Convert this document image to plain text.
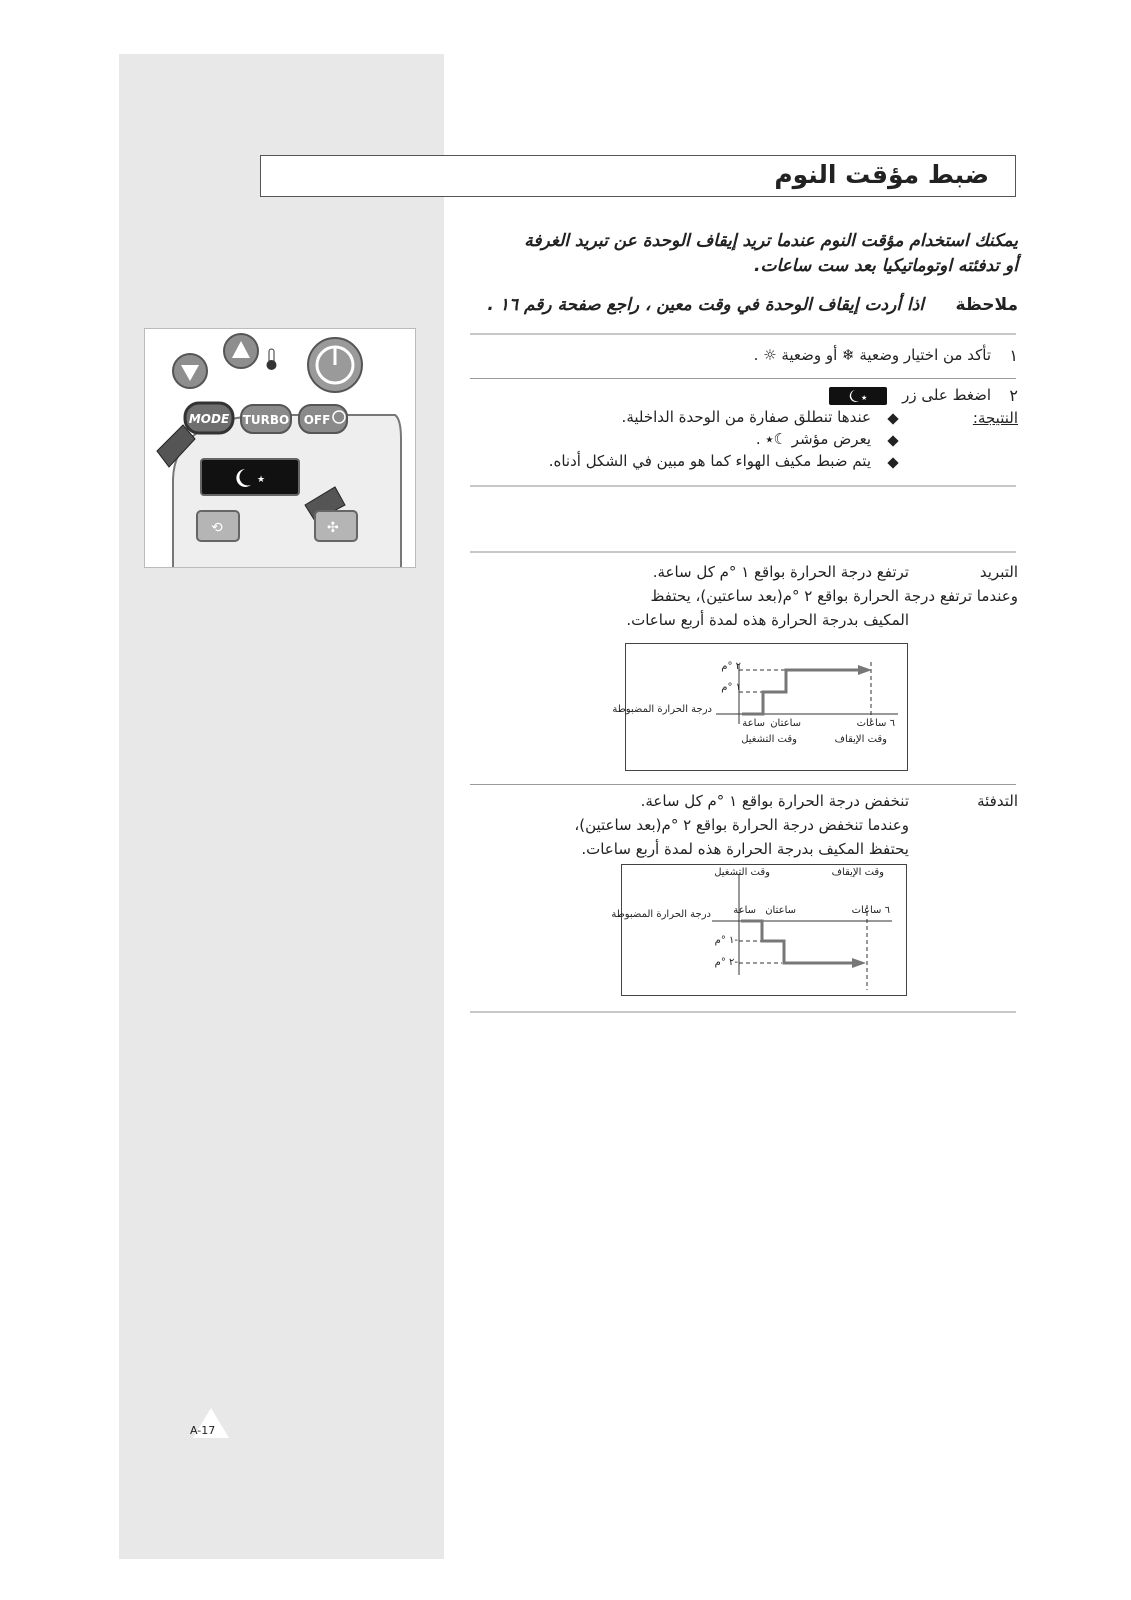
MODE TURBO OFF
★
⟲	✣
ضبط مؤقت النوم
يمكنك استخدام مؤقت النوم عندما تريد إيقاف الوحدة عن تبريد الغرفة
أو تدفئته اوتوماتيكيا بعد ست ساعات.
ملاحظة
اذا أردت إيقاف الوحدة في وقت معين ، راجع صفحة رقم ١٦ .
١
تأكد من اختيار وضعية ❄ أو وضعية ☼ .
٢
اضغط على زر
★
النتيجة:
عندها تنطلق صفارة من الوحدة الداخلية.
يعرض مؤشر ☾٭ .
يتم ضبط مكيف الهواء كما هو مبين في الشكل أدناه.
التبريد
ترتفع درجة الحرارة بواقع ١ °م كل ساعة.
وعندما ترتفع درجة الحرارة بواقع ٢ °م(بعد ساعتين)، يحتفظ
المكيف بدرجة الحرارة هذه لمدة أربع ساعات.
٢ °م
١ °م
درجة الحرارة المضبوطة
ساعة ساعتان	٦ ساعات
وقت التشغيل	وقت الإيقاف
التدفئة
تنخفض درجة الحرارة بواقع ١ °م كل ساعة.
وعندما تنخفض درجة الحرارة بواقع ٢ °م(بعد ساعتين)،
يحتفظ المكيف بدرجة الحرارة هذه لمدة أربع ساعات.
وقت التشغيل	وقت الإيقاف
ساعة ساعتان	٦ ساعات
درجة الحرارة المضبوطة
-١ °م
-٢ °م
A-17
